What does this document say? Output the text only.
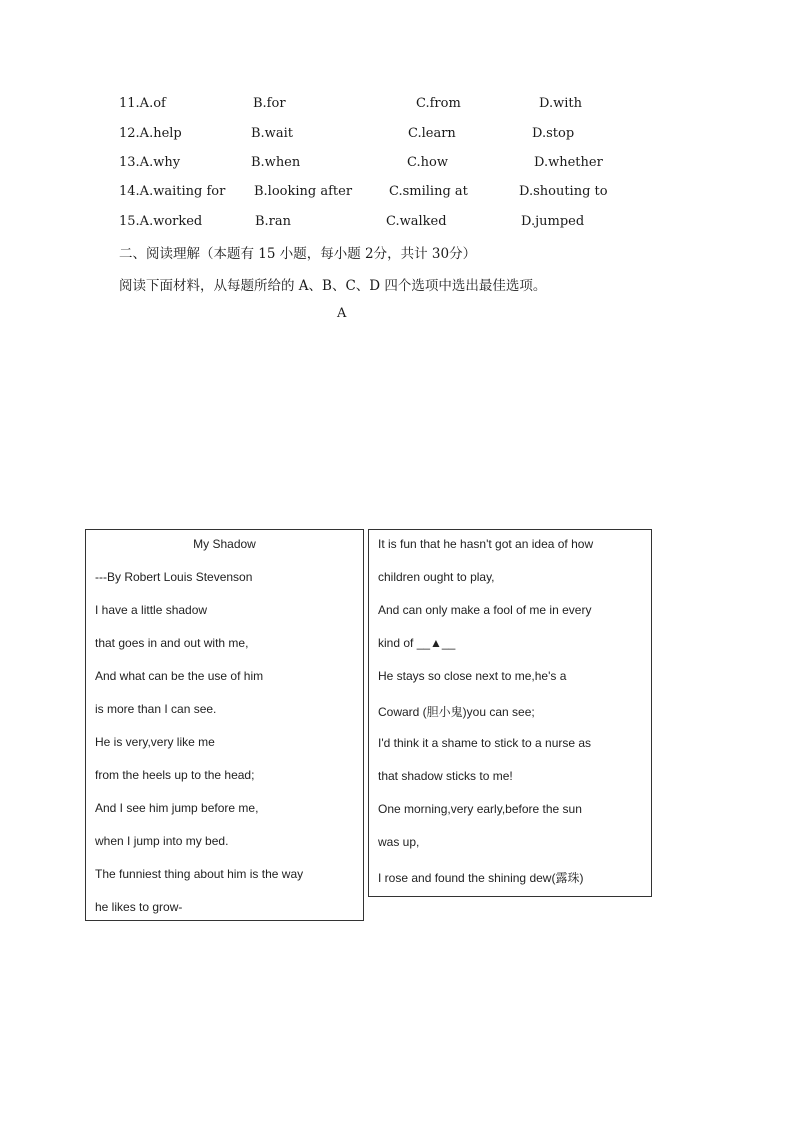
11.A.of	B.for	C.from	D.with
12.A.help	B.wait	C.learn	D.stop
13.A.why	B.when	C.how	D.whether
14.A.waiting for B.looking after	C.smiling at	D.shouting to
15.A.worked	B.ran	C.walked	D.jumped
二、阅读理解（本题有 15 小题，每小题 2分，共计 30分）
阅读下面材料，从每题所给的 A、B、C、D 四个选项中选出最佳选项。
A
My Shadow
---By Robert Louis Stevenson
I have a little shadow
that goes in and out with me,
And what can be the use of him
is more than I can see.
He is very,very like me
from the heels up to the head;
And I see him jump before me,
when I jump into my bed.
The funniest thing about him is the way
he likes to grow-
It is fun that he hasn't got an idea of how
children ought to play,
And can only make a fool of me in every
kind of __▲__
He stays so close next to me,he's a
Coward (胆小鬼)you can see;
I'd think it a shame to stick to a nurse as
that shadow sticks to me!
One morning,very early,before the sun
was up,
I rose and found the shining dew(露珠)
